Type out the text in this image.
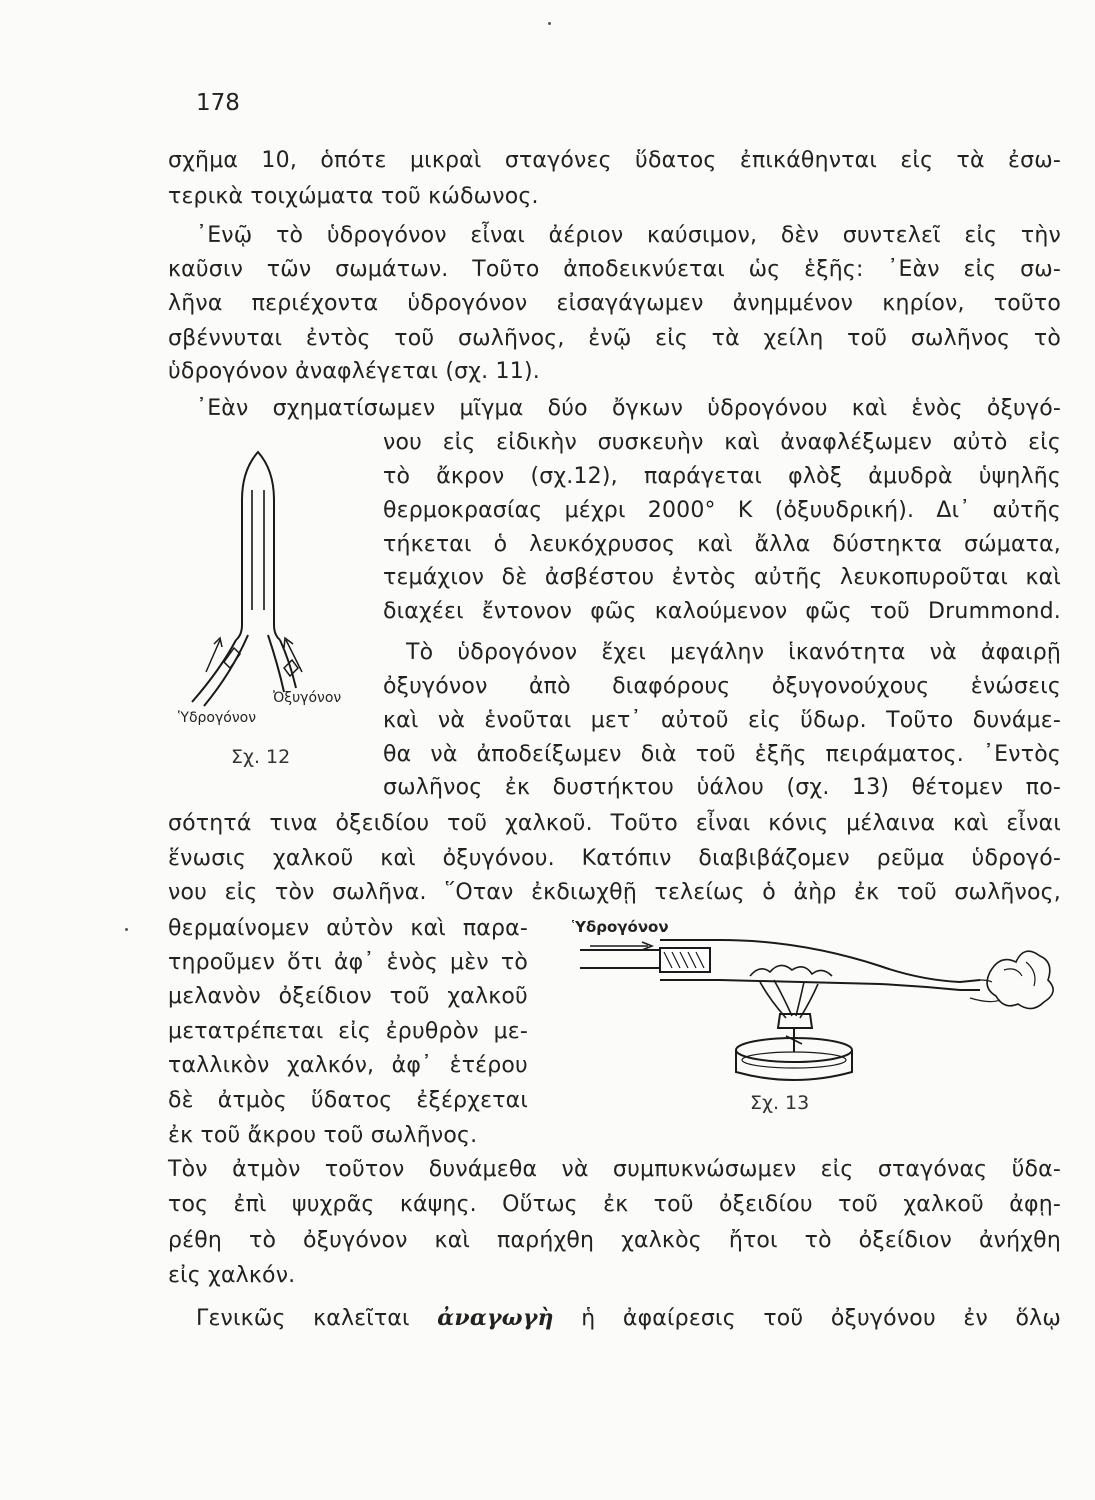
178
σχῆμα 10, ὁπότε μικραὶ σταγόνες ὕδατος ἐπικάθηνται εἰς τὰ ἐσω-
τερικὰ τοιχώματα τοῦ κώδωνος.
᾿Ενῷ τὸ ὑδρογόνον εἶναι ἀέριον καύσιμον, δὲν συντελεῖ εἰς τὴν
καῦσιν τῶν σωμάτων. Τοῦτο ἀποδεικνύεται ὡς ἑξῆς: ᾿Εὰν εἰς σω-
λῆνα περιέχοντα ὑδρογόνον εἰσαγάγωμεν ἀνημμένον κηρίον, τοῦτο
σβέννυται ἐντὸς τοῦ σωλῆνος, ἐνῷ εἰς τὰ χείλη τοῦ σωλῆνος τὸ
ὑδρογόνον ἀναφλέγεται (σχ. 11).
᾿Εὰν σχηματίσωμεν μῖγμα δύο ὄγκων ὑδρογόνου καὶ ἑνὸς ὀξυγό-
νου εἰς εἰδικὴν συσκευὴν καὶ ἀναφλέξωμεν αὐτὸ εἰς
τὸ ἄκρον (σχ.12), παράγεται φλὸξ ἀμυδρὰ ὑψηλῆς
θερμοκρασίας μέχρι 2000° K (ὀξυυδρική). Δι᾿ αὐτῆς
τήκεται ὁ λευκόχρυσος καὶ ἄλλα δύστηκτα σώματα,
τεμάχιον δὲ ἀσβέστου ἐντὸς αὐτῆς λευκοπυροῦται καὶ
διαχέει ἔντονον φῶς καλούμενον φῶς τοῦ Drummond.
Τὸ ὑδρογόνον ἔχει μεγάλην ἱκανότητα νὰ ἀφαιρῇ
ὀξυγόνον ἀπὸ διαφόρους ὀξυγονούχους ἑνώσεις
καὶ νὰ ἑνοῦται μετ᾿ αὐτοῦ εἰς ὕδωρ. Τοῦτο δυνάμε-
θα νὰ ἀποδείξωμεν διὰ τοῦ ἑξῆς πειράματος. ᾿Εντὸς
σωλῆνος ἐκ δυστήκτου ὑάλου (σχ. 13) θέτομεν πο-
σότητά τινα ὀξειδίου τοῦ χαλκοῦ. Τοῦτο εἶναι κόνις μέλαινα καὶ εἶναι
ἕνωσις χαλκοῦ καὶ ὀξυγόνου. Κατόπιν διαβιβάζομεν ρεῦμα ὑδρογό-
νου εἰς τὸν σωλῆνα. ῞Οταν ἐκδιωχθῇ τελείως ὁ ἀὴρ ἐκ τοῦ σωλῆνος,
θερμαίνομεν αὐτὸν καὶ παρα-
τηροῦμεν ὅτι ἀφ᾿ ἑνὸς μὲν τὸ
μελανὸν ὀξείδιον τοῦ χαλκοῦ
μετατρέπεται εἰς ἐρυθρὸν με-
ταλλικὸν χαλκόν, ἀφ᾿ ἑτέρου
δὲ ἀτμὸς ὕδατος ἐξέρχεται
ἐκ τοῦ ἄκρου τοῦ σωλῆνος.
Τὸν ἀτμὸν τοῦτον δυνάμεθα νὰ συμπυκνώσωμεν εἰς σταγόνας ὕδα-
τος ἐπὶ ψυχρᾶς κάψης. Οὕτως ἐκ τοῦ ὀξειδίου τοῦ χαλκοῦ ἀφῃ-
ρέθη τὸ ὀξυγόνον καὶ παρήχθη χαλκὸς ἤτοι τὸ ὀξείδιον ἀνήχθη
εἰς χαλκόν.
Γενικῶς καλεῖται ἀναγωγὴ ἡ ἀφαίρεσις τοῦ ὀξυγόνου ἐν ὅλῳ
Ὑδρογόνον
Ὀξυγόνον
Σχ. 12
Ὑδρογόνον
Σχ. 13
